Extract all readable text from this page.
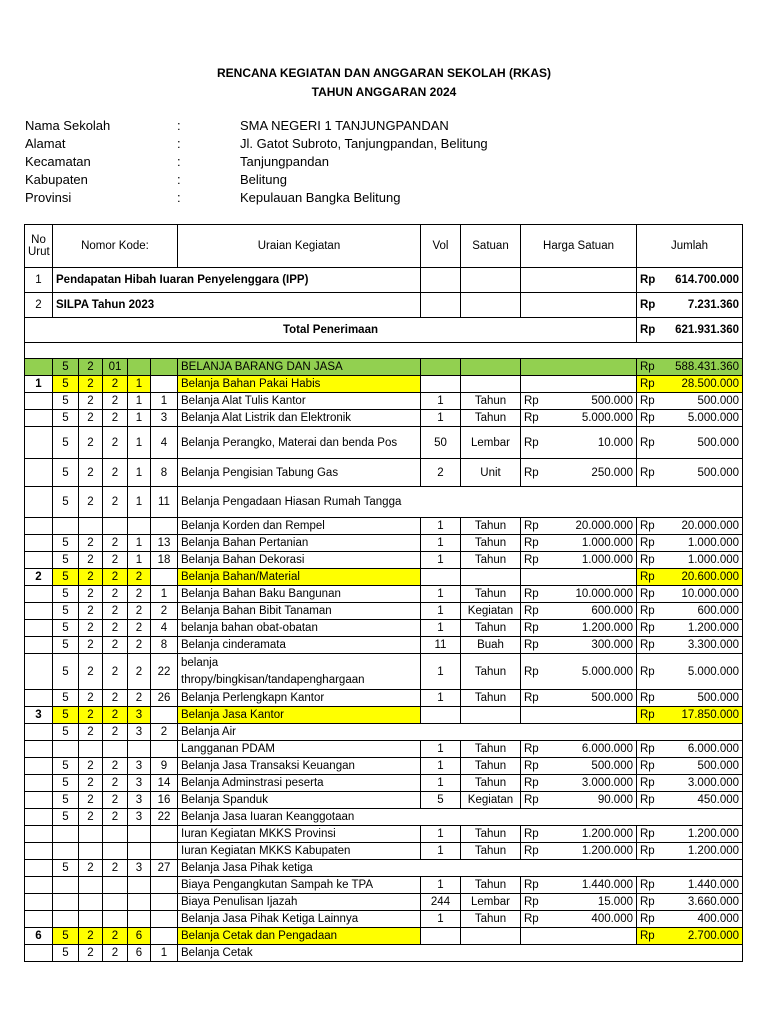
RENCANA KEGIATAN DAN ANGGARAN SEKOLAH (RKAS)
TAHUN ANGGARAN 2024
Nama Sekolah	:	SMA NEGERI 1 TANJUNGPANDAN
Alamat	:	Jl. Gatot Subroto, Tanjungpandan, Belitung
Kecamatan	:	Tanjungpandan
Kabupaten	:	Belitung
Provinsi	:	Kepulauan Bangka Belitung
No
Urut	Nomor Kode:					Uraian Kegiatan	Vol	Satuan	Harga Satuan		Jumlah	
1	Pendapatan Hibah Iuaran Penyelenggara (IPP)										Rp	614.700.000
2	SILPA Tahun 2023										Rp	7.231.360
Total Penerimaan											Rp	621.931.360

	5	2	01			BELANJA BARANG DAN JASA					Rp	588.431.360
1	5	2	2	1		Belanja Bahan Pakai Habis					Rp	28.500.000
	5	2	2	1	1	Belanja Alat Tulis Kantor	1	Tahun	Rp	500.000	Rp	500.000
	5	2	2	1	3	Belanja Alat Listrik dan Elektronik	1	Tahun	Rp	5.000.000	Rp	5.000.000
	5	2	2	1	4	Belanja Perangko, Materai dan benda Pos	50	Lembar	Rp	10.000	Rp	500.000
	5	2	2	1	8	Belanja Pengisian Tabung Gas	2	Unit	Rp	250.000	Rp	500.000
	5	2	2	1	11	Belanja Pengadaan Hiasan Rumah Tangga						
						Belanja Korden dan Rempel	1	Tahun	Rp	20.000.000	Rp	20.000.000
	5	2	2	1	13	Belanja Bahan Pertanian	1	Tahun	Rp	1.000.000	Rp	1.000.000
	5	2	2	1	18	Belanja Bahan Dekorasi	1	Tahun	Rp	1.000.000	Rp	1.000.000
2	5	2	2	2		Belanja Bahan/Material					Rp	20.600.000
	5	2	2	2	1	Belanja Bahan Baku Bangunan	1	Tahun	Rp	10.000.000	Rp	10.000.000
	5	2	2	2	2	Belanja Bahan Bibit Tanaman	1	Kegiatan	Rp	600.000	Rp	600.000
	5	2	2	2	4	belanja bahan obat-obatan	1	Tahun	Rp	1.200.000	Rp	1.200.000
	5	2	2	2	8	Belanja cinderamata	11	Buah	Rp	300.000	Rp	3.300.000
	5	2	2	2	22	belanja
thropy/bingkisan/tandapenghargaan	1	Tahun	Rp	5.000.000	Rp	5.000.000
	5	2	2	2	26	Belanja Perlengkapn Kantor	1	Tahun	Rp	500.000	Rp	500.000
3	5	2	2	3		Belanja Jasa Kantor					Rp	17.850.000
	5	2	2	3	2	Belanja Air						
						Langganan PDAM	1	Tahun	Rp	6.000.000	Rp	6.000.000
	5	2	2	3	9	Belanja Jasa Transaksi Keuangan	1	Tahun	Rp	500.000	Rp	500.000
	5	2	2	3	14	Belanja Adminstrasi peserta	1	Tahun	Rp	3.000.000	Rp	3.000.000
	5	2	2	3	16	Belanja Spanduk	5	Kegiatan	Rp	90.000	Rp	450.000
	5	2	2	3	22	Belanja Jasa Iuaran Keanggotaan						
						Iuran Kegiatan MKKS Provinsi	1	Tahun	Rp	1.200.000	Rp	1.200.000
						Iuran Kegiatan MKKS Kabupaten	1	Tahun	Rp	1.200.000	Rp	1.200.000
	5	2	2	3	27	Belanja Jasa Pihak ketiga						
						Biaya Pengangkutan Sampah ke TPA	1	Tahun	Rp	1.440.000	Rp	1.440.000
						Biaya Penulisan Ijazah	244	Lembar	Rp	15.000	Rp	3.660.000
						Belanja Jasa Pihak Ketiga Lainnya	1	Tahun	Rp	400.000	Rp	400.000
6	5	2	2	6		Belanja Cetak dan Pengadaan					Rp	2.700.000
	5	2	2	6	1	Belanja Cetak						
